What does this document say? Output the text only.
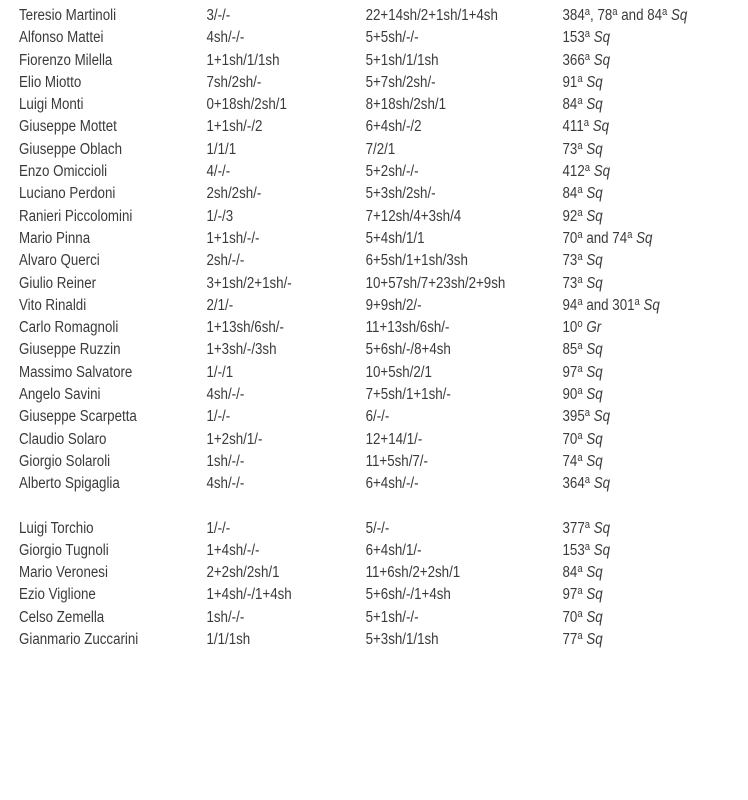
Teresio Martinoli	3/-/-	22+14sh/2+1sh/1+4sh	384$^a$, 78$^a$ and 84$^a$ Sq
Alfonso Mattei	4sh/-/-	5+5sh/-/-	153$^a$ Sq
Fiorenzo Milella	1+1sh/1/1sh	5+1sh/1/1sh	366$^a$ Sq
Elio Miotto	7sh/2sh/-	5+7sh/2sh/-	91$^a$ Sq
Luigi Monti	0+18sh/2sh/1	8+18sh/2sh/1	84$^a$ Sq
Giuseppe Mottet	1+1sh/-/2	6+4sh/-/2	411$^a$ Sq
Giuseppe Oblach	1/1/1	7/2/1	73$^a$ Sq
Enzo Omiccioli	4/-/-	5+2sh/-/-	412$^a$ Sq
Luciano Perdoni	2sh/2sh/-	5+3sh/2sh/-	84$^a$ Sq
Ranieri Piccolomini	1/-/3	7+12sh/4+3sh/4	92$^a$ Sq
Mario Pinna	1+1sh/-/-	5+4sh/1/1	70$^a$ and 74$^a$ Sq
Alvaro Querci	2sh/-/-	6+5sh/1+1sh/3sh	73$^a$ Sq
Giulio Reiner	3+1sh/2+1sh/-	10+57sh/7+23sh/2+9sh	73$^a$ Sq
Vito Rinaldi	2/1/-	9+9sh/2/-	94$^a$ and 301$^a$ Sq
Carlo Romagnoli	1+13sh/6sh/-	11+13sh/6sh/-	10$^o$ Gr
Giuseppe Ruzzin	1+3sh/-/3sh	5+6sh/-/8+4sh	85$^a$ Sq
Massimo Salvatore	1/-/1	10+5sh/2/1	97$^a$ Sq
Angelo Savini	4sh/-/-	7+5sh/1+1sh/-	90$^a$ Sq
Giuseppe Scarpetta	1/-/-	6/-/-	395$^a$ Sq
Claudio Solaro	1+2sh/1/-	12+14/1/-	70$^a$ Sq
Giorgio Solaroli	1sh/-/-	11+5sh/7/-	74$^a$ Sq
Alberto Spigaglia	4sh/-/-	6+4sh/-/-	364$^a$ Sq
Luigi Torchio	1/-/-	5/-/-	377$^a$ Sq
Giorgio Tugnoli	1+4sh/-/-	6+4sh/1/-	153$^a$ Sq
Mario Veronesi	2+2sh/2sh/1	11+6sh/2+2sh/1	84$^a$ Sq
Ezio Viglione	1+4sh/-/1+4sh	5+6sh/-/1+4sh	97$^a$ Sq
Celso Zemella	1sh/-/-	5+1sh/-/-	70$^a$ Sq
Gianmario Zuccarini	1/1/1sh	5+3sh/1/1sh	77$^a$ Sq
